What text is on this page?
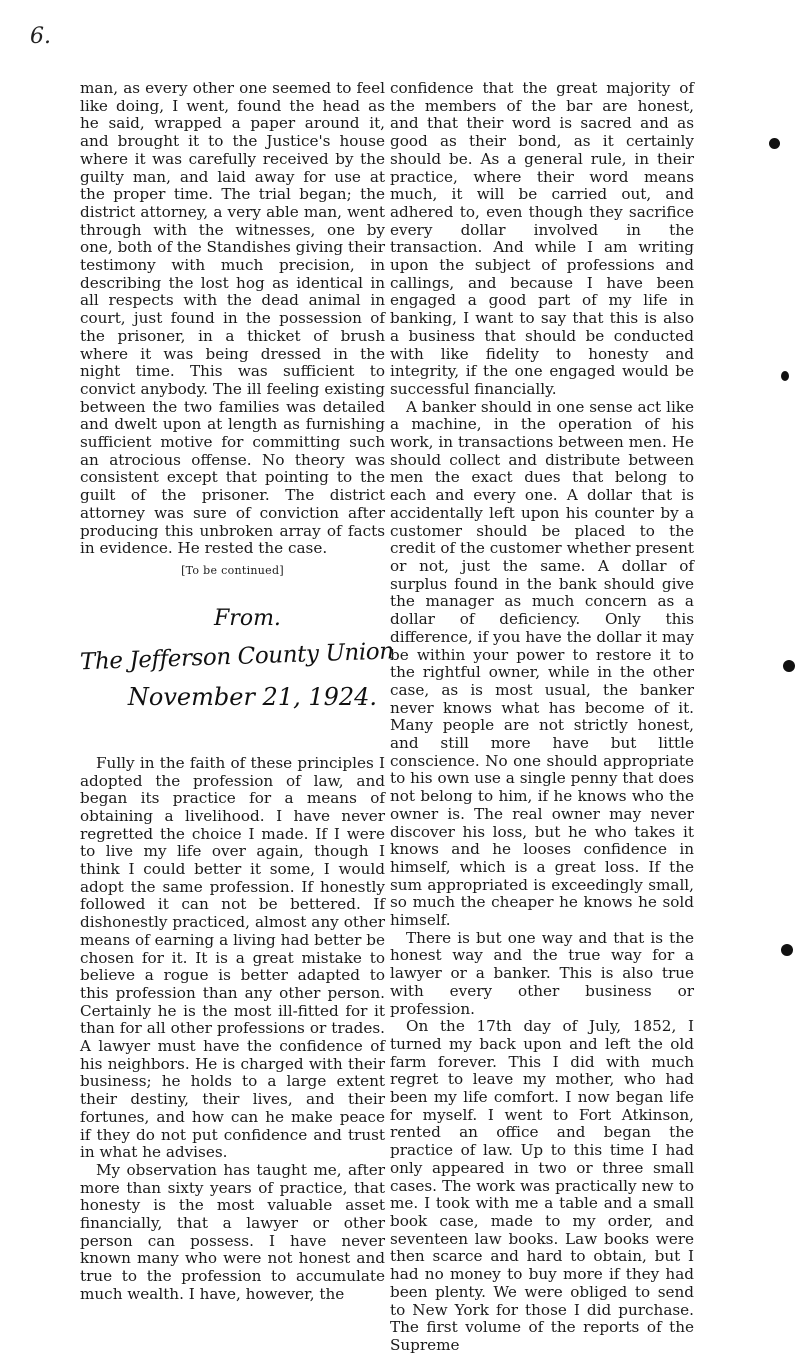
6.

man, as every other one seemed to feel like doing, I went, found the head as he said, wrapped a paper around it, and brought it to the Justice's house where it was carefully received by the guilty man, and laid away for use at the proper time. The trial began; the district attorney, a very able man, went through with the witnesses, one by one, both of the Standishes giving their testimony with much precision, in describing the lost hog as identical in all respects with the dead animal in court, just found in the possession of the prisoner, in a thicket of brush where it was being dressed in the night time. This was sufficient to convict anybody. The ill feeling existing between the two families was detailed and dwelt upon at length as furnishing sufficient motive for committing such an atrocious offense. No theory was consistent except that pointing to the guilt of the prisoner. The district attorney was sure of conviction after producing this unbroken array of facts in evidence. He rested the case.

[To be continued]

From.
The Jefferson County Union
November 21, 1924.

Fully in the faith of these principles I adopted the profession of law, and began its practice for a means of obtaining a livelihood. I have never regretted the choice I made. If I were to live my life over again, though I think I could better it some, I would adopt the same profession. If honestly followed it can not be bettered. If dishonestly practiced, almost any other means of earning a living had better be chosen for it. It is a great mistake to believe a rogue is better adapted to this profession than any other person. Certainly he is the most ill-fitted for it than for all other professions or trades. A lawyer must have the confidence of his neighbors. He is charged with their business; he holds to a large extent their destiny, their lives, and their fortunes, and how can he make peace if they do not put confidence and trust in what he advises.

My observation has taught me, after more than sixty years of practice, that honesty is the most valuable asset financially, that a lawyer or other person can possess. I have never known many who were not honest and true to the profession to accumulate much wealth. I have, however, the

confidence that the great majority of the members of the bar are honest, and that their word is sacred and as good as their bond, as it certainly should be. As a general rule, in their practice, where their word means much, it will be carried out, and adhered to, even though they sacrifice every dollar involved in the transaction. And while I am writing upon the subject of professions and callings, and because I have been engaged a good part of my life in banking, I want to say that this is also a business that should be conducted with like fidelity to honesty and integrity, if the one engaged would be successful financially.

A banker should in one sense act like a machine, in the operation of his work, in transactions between men. He should collect and distribute between men the exact dues that belong to each and every one. A dollar that is accidentally left upon his counter by a customer should be placed to the credit of the customer whether present or not, just the same. A dollar of surplus found in the bank should give the manager as much concern as a dollar of deficiency. Only this difference, if you have the dollar it may be within your power to restore it to the rightful owner, while in the other case, as is most usual, the banker never knows what has become of it. Many people are not strictly honest, and still more have but little conscience. No one should appropriate to his own use a single penny that does not belong to him, if he knows who the owner is. The real owner may never discover his loss, but he who takes it knows and he looses confidence in himself, which is a great loss. If the sum appropriated is exceedingly small, so much the cheaper he knows he sold himself.

There is but one way and that is the honest way and the true way for a lawyer or a banker. This is also true with every other business or profession.

On the 17th day of July, 1852, I turned my back upon and left the old farm forever. This I did with much regret to leave my mother, who had been my life comfort. I now began life for myself. I went to Fort Atkinson, rented an office and began the practice of law. Up to this time I had only appeared in two or three small cases. The work was practically new to me. I took with me a table and a small book case, made to my order, and seventeen law books. Law books were then scarce and hard to obtain, but I had no money to buy more if they had been plenty. We were obliged to send to New York for those I did purchase. The first volume of the reports of the Supreme
